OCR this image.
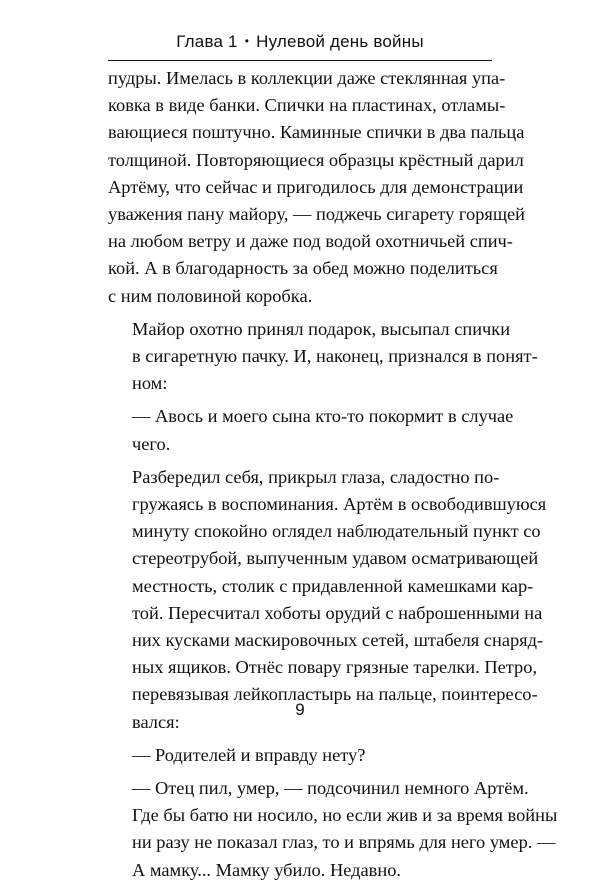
Глава 1 • Нулевой день войны

пудры. Имелась в коллекции даже стеклянная упа-
ковка в виде банки. Спички на пластинах, отламы-
вающиеся поштучно. Каминные спички в два пальца
толщиной. Повторяющиеся образцы крёстный дарил
Артёму, что сейчас и пригодилось для демонстрации
уважения пану майору, — поджечь сигарету горящей
на любом ветру и даже под водой охотничьей спич-
кой. А в благодарность за обед можно поделиться
с ним половиной коробка.

Майор охотно принял подарок, высыпал спички
в сигаретную пачку. И, наконец, признался в понят-
ном:

— Авось и моего сына кто-то покормит в случае
чего.

Разбередил себя, прикрыл глаза, сладостно по-
гружаясь в воспоминания. Артём в освободившуюся
минуту спокойно оглядел наблюдательный пункт со
стереотрубой, выпученным удавом осматривающей
местность, столик с придавленной камешками кар-
той. Пересчитал хоботы орудий с наброшенными на
них кусками маскировочных сетей, штабеля снаряд-
ных ящиков. Отнёс повару грязные тарелки. Петро,
перевязывая лейкопластырь на пальце, поинтересо-
вался:

— Родителей и вправду нету?

— Отец пил, умер, — подсочинил немного Артём.
Где бы батю ни носило, но если жив и за время войны
ни разу не показал глаз, то и впрямь для него умер. —
А мамку... Мамку убило. Недавно.

9
